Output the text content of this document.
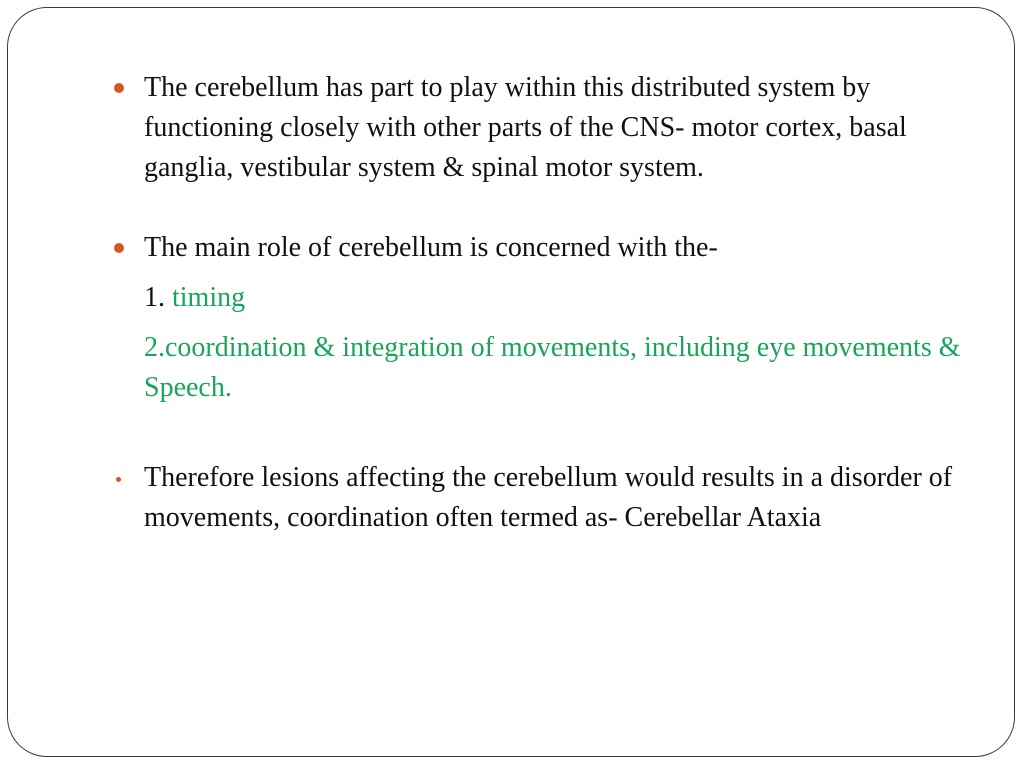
The cerebellum has part to play within this distributed system by functioning closely with other parts of the CNS- motor cortex, basal ganglia, vestibular system & spinal motor system.

The main role of cerebellum is concerned with the-

1. timing
2.coordination & integration of movements, including eye movements & Speech.

Therefore lesions affecting the cerebellum would results in a disorder of movements, coordination often termed as- Cerebellar Ataxia
